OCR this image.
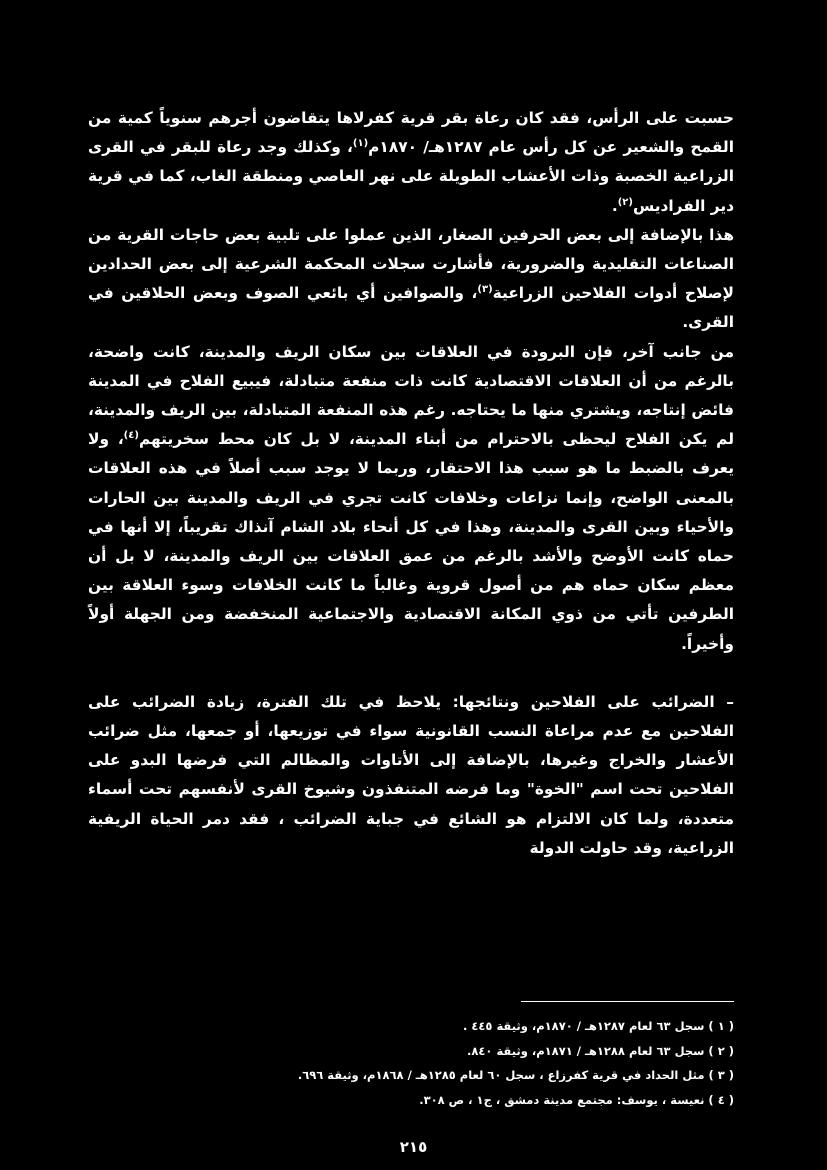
حسبت على الرأس، فقد كان رعاة بقر قرية كفرلاها يتقاضون أجرهم سنوياً كمية من القمح والشعير عن كل رأس عام ١٢٨٧هـ/ ١٨٧٠م$^{(١)}$، وكذلك وجد رعاة للبقر في القرى الزراعية الخصبة وذات الأعشاب الطويلة على نهر العاصي ومنطقة الغاب، كما في قرية دير الفراديس$^{(٢)}$.

هذا بالإضافة إلى بعض الحرفين الصغار، الذين عملوا على تلبية بعض حاجات القرية من الصناعات التقليدية والضرورية، فأشارت سجلات المحكمة الشرعية إلى بعض الحدادين لإصلاح أدوات الفلاحين الزراعية$^{(٣)}$، والصوافين أي بائعي الصوف وبعض الحلاقين في القرى.

من جانب آخر، فإن البرودة في العلاقات بين سكان الريف والمدينة، كانت واضحة، بالرغم من أن العلاقات الاقتصادية كانت ذات منفعة متبادلة، فيبيع الفلاح في المدينة فائض إنتاجه، ويشتري منها ما يحتاجه. رغم هذه المنفعة المتبادلة، بين الريف والمدينة، لم يكن الفلاح ليحظى بالاحترام من أبناء المدينة، لا بل كان محط سخريتهم$^{(٤)}$، ولا يعرف بالضبط ما هو سبب هذا الاحتقار، وربما لا يوجد سبب أصلاً في هذه العلاقات بالمعنى الواضح، وإنما نزاعات وخلافات كانت تجري في الريف والمدينة بين الحارات والأحياء وبين القرى والمدينة، وهذا في كل أنحاء بلاد الشام آنذاك تقريباً، إلا أنها في حماه كانت الأوضح والأشد بالرغم من عمق العلاقات بين الريف والمدينة، لا بل أن معظم سكان حماه هم من أصول قروية وغالباً ما كانت الخلافات وسوء العلاقة بين الطرفين تأتي من ذوي المكانة الاقتصادية والاجتماعية المنخفضة ومن الجهلة أولاً وأخيراً.

– الضرائب على الفلاحين ونتائجها: يلاحظ في تلك الفترة، زيادة الضرائب على الفلاحين مع عدم مراعاة النسب القانونية سواء في توزيعها، أو جمعها، مثل ضرائب الأعشار والخراج وغيرها، بالإضافة إلى الأتاوات والمظالم التي فرضها البدو على الفلاحين تحت اسم "الخوة" وما فرضه المتنفذون وشيوخ القرى لأنفسهم تحت أسماء متعددة، ولما كان الالتزام هو الشائع في جباية الضرائب ، فقد دمر الحياة الريفية الزراعية، وقد حاولت الدولة

( ١ ) سجل ٦٣ لعام ١٢٨٧هـ / ١٨٧٠م، وثيقة ٤٤٥ .
( ٢ ) سجل ٦٣ لعام ١٢٨٨هـ / ١٨٧١م، وثيقة ٨٤٠.
( ٣ ) مثل الحداد في قرية كفرزاع ، سجل ٦٠ لعام ١٢٨٥هـ / ١٨٦٨م، وثيقة ٦٩٦.
( ٤ ) نعيسة ، يوسف: مجتمع مدينة دمشق ، ج١ ، ص ٣٠٨.
٢١٥
